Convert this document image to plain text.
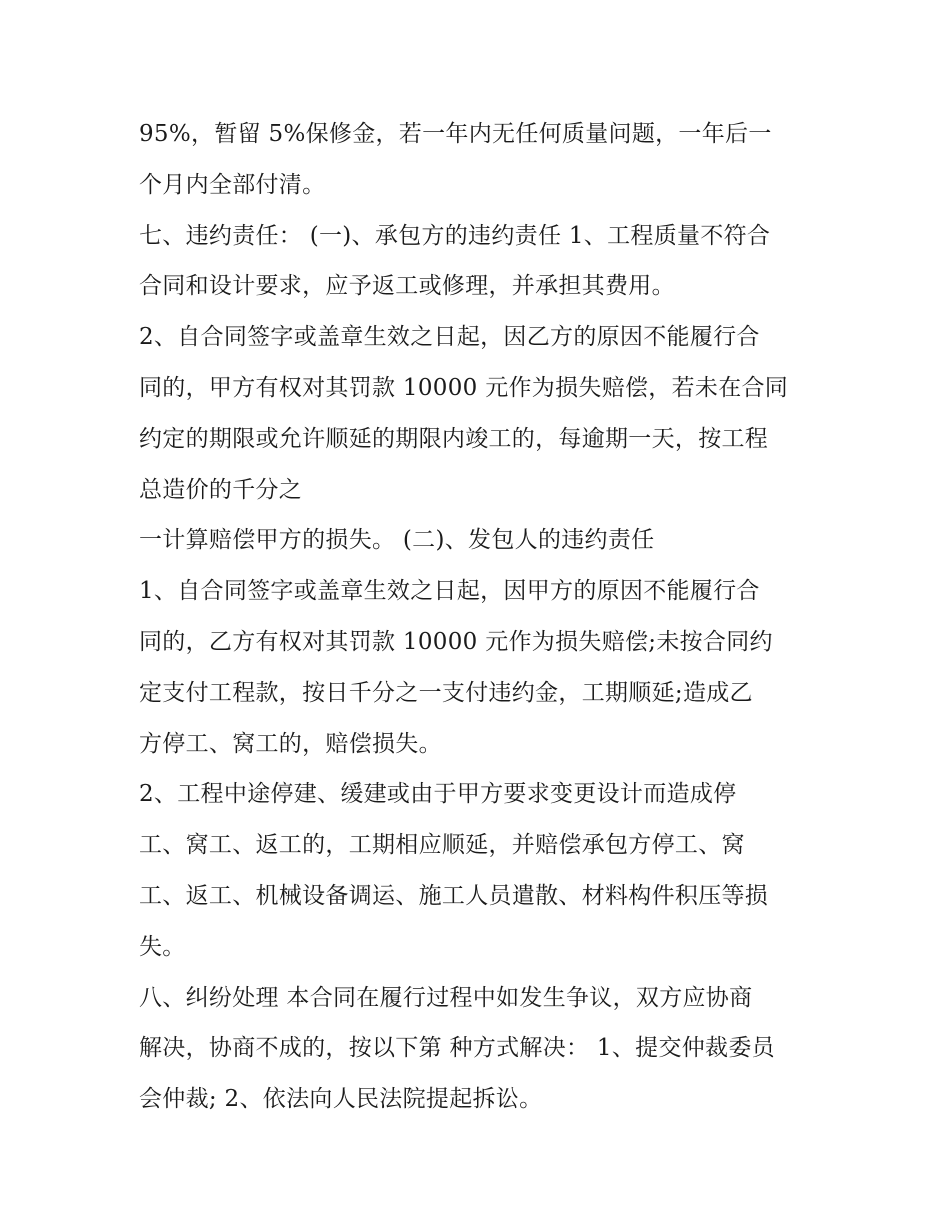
95%，暂留 5%保修金，若一年内无任何质量问题，一年后一
个月内全部付清。
七、违约责任： (一)、承包方的违约责任 1、工程质量不符合
合同和设计要求，应予返工或修理，并承担其费用。
2、自合同签字或盖章生效之日起，因乙方的原因不能履行合
同的，甲方有权对其罚款 10000 元作为损失赔偿，若未在合同
约定的期限或允许顺延的期限内竣工的，每逾期一天，按工程
总造价的千分之
一计算赔偿甲方的损失。 (二)、发包人的违约责任
1、自合同签字或盖章生效之日起，因甲方的原因不能履行合
同的，乙方有权对其罚款 10000 元作为损失赔偿;未按合同约
定支付工程款，按日千分之一支付违约金，工期顺延;造成乙
方停工、窝工的，赔偿损失。
2、工程中途停建、缓建或由于甲方要求变更设计而造成停
工、窝工、返工的，工期相应顺延，并赔偿承包方停工、窝
工、返工、机械设备调运、施工人员遣散、材料构件积压等损
失。
八、纠纷处理 本合同在履行过程中如发生争议，双方应协商
解决，协商不成的，按以下第 种方式解决： 1、提交仲裁委员
会仲裁; 2、依法向人民法院提起拆讼。
